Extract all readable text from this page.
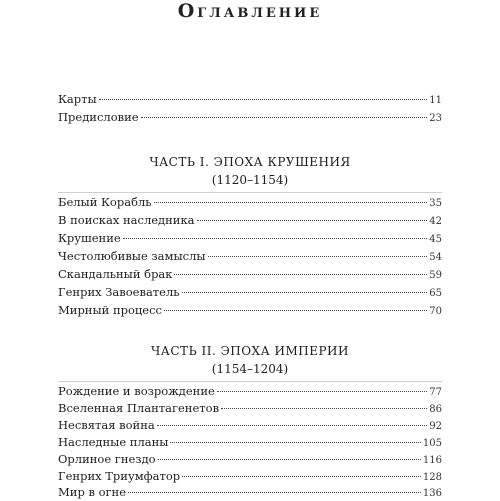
Оглавление
Карты	11
Предисловие	23
ЧАСТЬ I. ЭПОХА КРУШЕНИЯ
(1120–1154)
Белый Корабль	35
В поисках наследника	42
Крушение	45
Честолюбивые замыслы	54
Скандальный брак	59
Генрих Завоеватель	65
Мирный процесс	70
ЧАСТЬ II. ЭПОХА ИМПЕРИИ
(1154–1204)
Рождение и возрождение	77
Вселенная Плантагенетов	86
Несвятая война	92
Наследные планы	105
Орлиное гнездо	116
Генрих Триумфатор	128
Мир в огне	136
